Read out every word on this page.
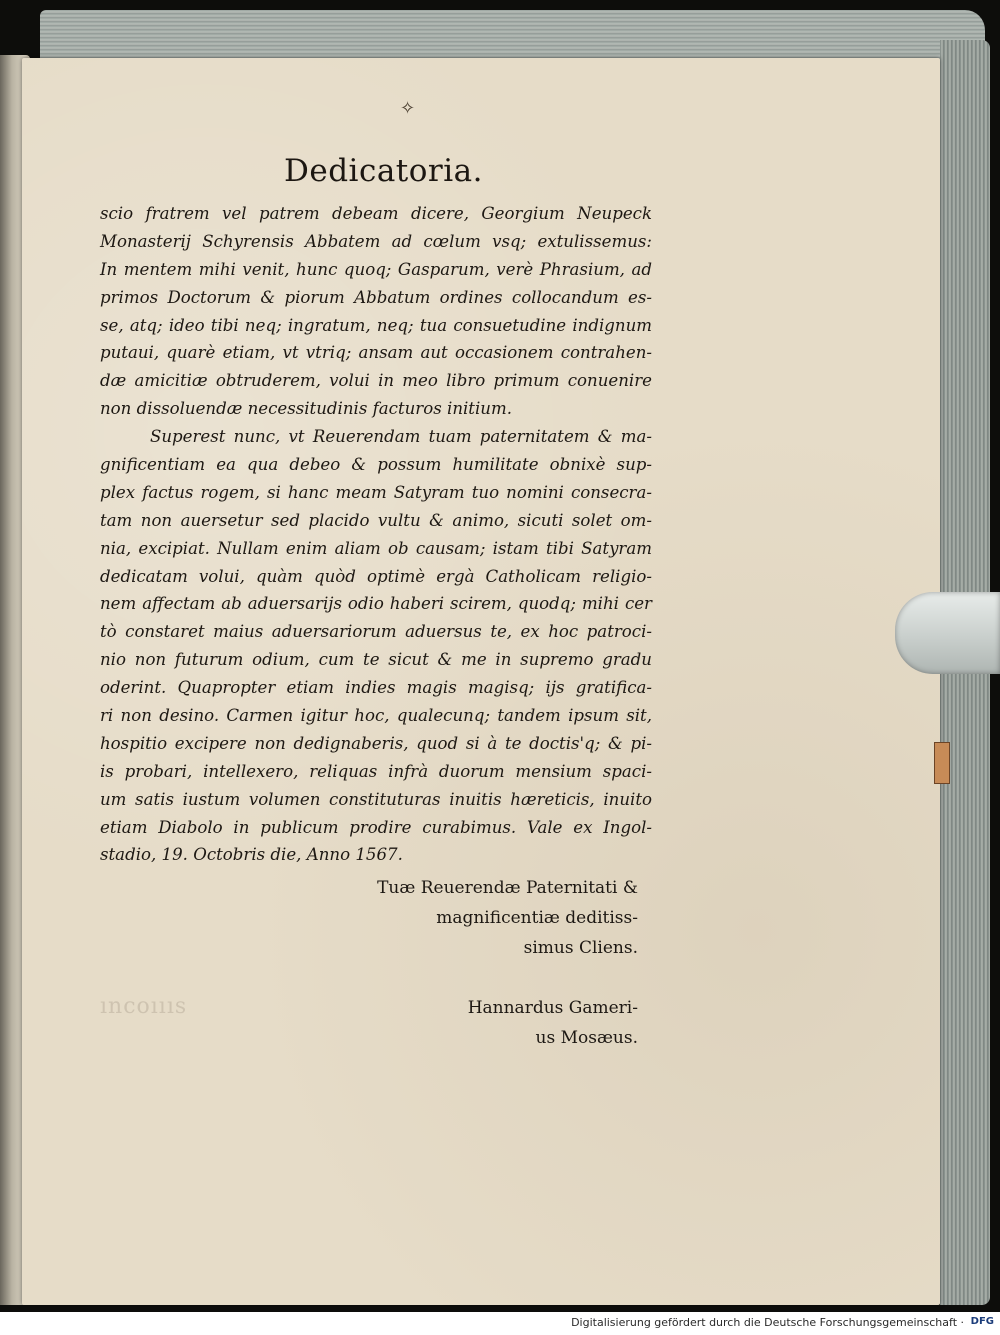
✧
Dedicatoria.
scio fratrem vel patrem debeam dicere, Georgium Neupeck
Monasterij Schyrensis Abbatem ad cœlum vsq; extulissemus:
In mentem mihi venit, hunc quoq; Gasparum, verè Phrasium, ad
primos Doctorum & piorum Abbatum ordines collocandum es-
se, atq; ideo tibi neq; ingratum, neq; tua consuetudine indignum
putaui, quarè etiam, vt vtriq; ansam aut occasionem contrahen-
dæ amicitiæ obtruderem, volui in meo libro primum conuenire
non dissoluendæ necessitudinis facturos initium.
Superest nunc, vt Reuerendam tuam paternitatem & ma-
gnificentiam ea qua debeo & possum humilitate obnixè sup-
plex factus rogem, si hanc meam Satyram tuo nomini consecra-
tam non auersetur sed placido vultu & animo, sicuti solet om-
nia, excipiat. Nullam enim aliam ob causam; istam tibi Satyram
dedicatam volui, quàm quòd optimè ergà Catholicam religio-
nem affectam ab aduersarijs odio haberi scirem, quodq; mihi cer
tò constaret maius aduersariorum aduersus te, ex hoc patroci-
nio non futurum odium, cum te sicut & me in supremo gradu
oderint. Quapropter etiam indies magis magisq; ijs gratifica-
ri non desino. Carmen igitur hoc, qualecunq; tandem ipsum sit,
hospitio excipere non dedignaberis, quod si à te doctis'q; & pi-
is probari, intellexero, reliquas infrà duorum mensium spaci-
um satis iustum volumen constituturas inuitis hæreticis, inuito
etiam Diabolo in publicum prodire curabimus. Vale ex Ingol-
stadio, 19. Octobris die, Anno 1567.
Tuæ Reuerendæ Paternitati &
magnificentiæ deditiss-
simus Cliens.
Hannardus Gameri-
us Mosæus.
ıncoıııs
Digitalisierung gefördert durch die Deutsche Forschungsgemeinschaft · DFG
